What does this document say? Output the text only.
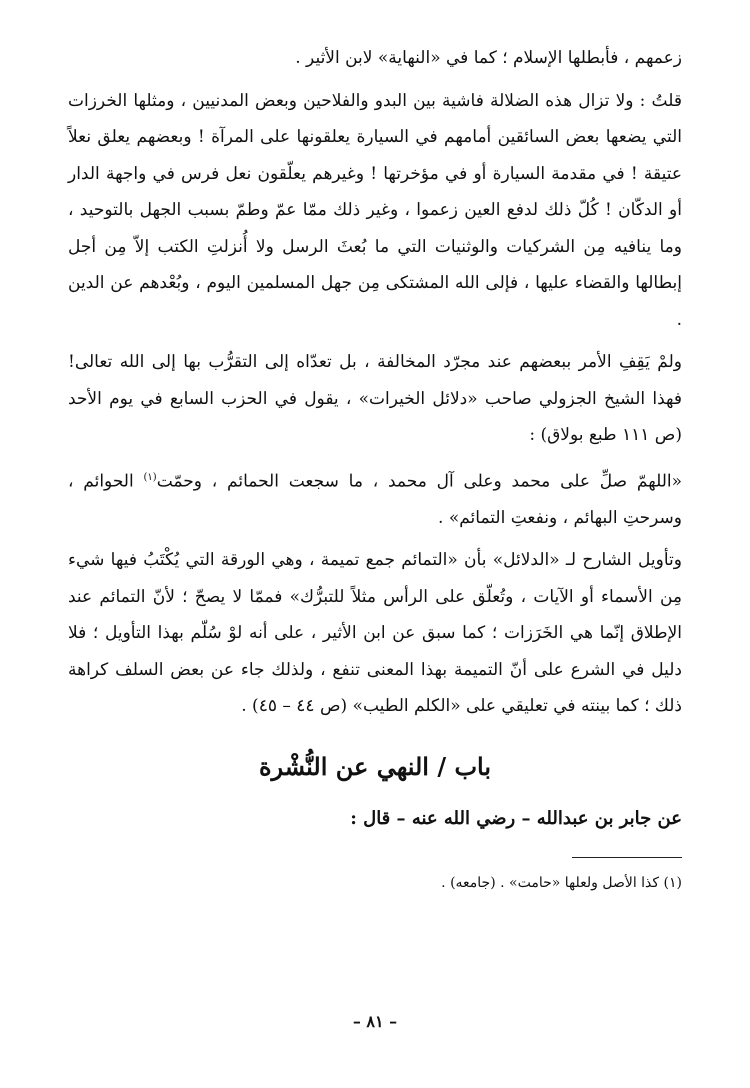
زعمهم ، فأبطلها الإسلام ؛ كما في «النهاية» لابن الأثير .

قلتُ : ولا تزال هذه الضلالة فاشية بين البدو والفلاحين وبعض المدنيين ، ومثلها الخرزات التي يضعها بعض السائقين أمامهم في السيارة يعلقونها على المرآة ! وبعضهم يعلق نعلاً عتيقة ! في مقدمة السيارة أو في مؤخرتها ! وغيرهم يعلّقون نعل فرس في واجهة الدار أو الدكّان ! كُلّ ذلك لدفع العين زعموا ، وغير ذلك ممّا عمّ وطمّ بسبب الجهل بالتوحيد ، وما ينافيه مِن الشركيات والوثنيات التي ما بُعثَ الرسل ولا أُنزلتِ الكتب إلاّ مِن أجل إبطالها والقضاء عليها ، فإلى الله المشتكى مِن جهل المسلمين اليوم ، وبُعْدهم عن الدين .

ولمْ يَقِفِ الأمر ببعضهم عند مجرّد المخالفة ، بل تعدّاه إلى التقرُّب بها إلى الله تعالى! فهذا الشيخ الجزولي صاحب «دلائل الخيرات» ، يقول في الحزب السابع في يوم الأحد (ص ١١١ طبع بولاق) :

«اللهمّ صلِّ على محمد وعلى آل محمد ، ما سجعت الحمائم ، وحمّت$^{(١)}$ الحوائم ، وسرحتِ البهائم ، ونفعتِ التمائم» .

وتأويل الشارح لـ «الدلائل» بأن «التمائم جمع تميمة ، وهي الورقة التي يُكْتَبُ فيها شيء مِن الأسماء أو الآيات ، وتُعلّق على الرأس مثلاً للتبرُّك» فممّا لا يصحّ ؛ لأنّ التمائم عند الإطلاق إنّما هي الخَرَزات ؛ كما سبق عن ابن الأثير ، على أنه لوْ سُلّم بهذا التأويل ؛ فلا دليل في الشرع على أنّ التميمة بهذا المعنى تنفع ، ولذلك جاء عن بعض السلف كراهة ذلك ؛ كما بينته في تعليقي على «الكلم الطيب» (ص ٤٤ – ٤٥) .

باب / النهي عن النُّشْرة

عن جابر بن عبدالله – رضي الله عنه – قال :

(١) كذا الأصل ولعلها «حامت» . (جامعه) .

– ٨١ –
